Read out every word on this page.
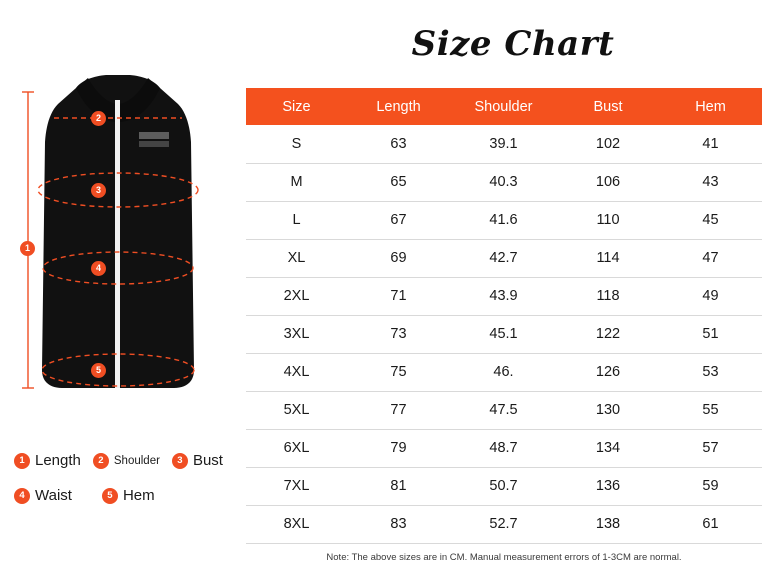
1
2
3
4
5
1 Length	2 Shoulder	3 Bust
4 Waist	5 Hem
Size Chart
Size	Length	Shoulder	Bust	Hem
S	63	39.1	102	41
M	65	40.3	106	43
L	67	41.6	110	45
XL	69	42.7	114	47
2XL	71	43.9	118	49
3XL	73	45.1	122	51
4XL	75	46.	126	53
5XL	77	47.5	130	55
6XL	79	48.7	134	57
7XL	81	50.7	136	59
8XL	83	52.7	138	61
Note: The above sizes are in CM. Manual measurement errors of 1-3CM are normal.
